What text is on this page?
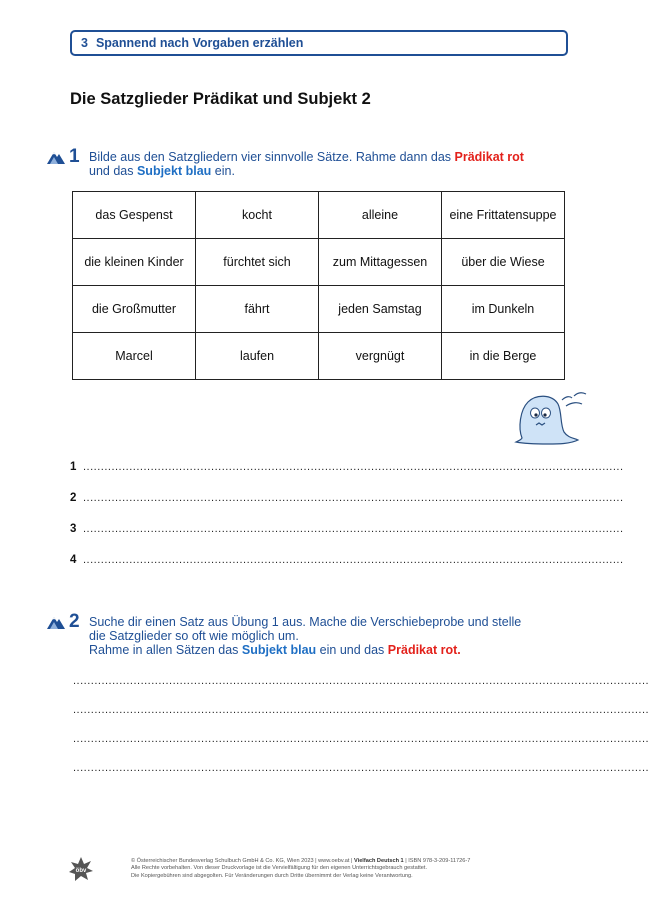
3 Spannend nach Vorgaben erzählen
Die Satzglieder Prädikat und Subjekt 2
1 Bilde aus den Satzgliedern vier sinnvolle Sätze. Rahme dann das Prädikat rot
und das Subjekt blau ein.
das Gespenst	kocht	alleine	eine Frittatensuppe
die kleinen Kinder	fürchtet sich	zum Mittagessen	über die Wiese
die Großmutter	fährt	jeden Samstag	im Dunkeln
Marcel	laufen	vergnügt	in die Berge
1 ........................................................................................................................................................
2 ........................................................................................................................................................
3 ........................................................................................................................................................
4 ........................................................................................................................................................
2 Suche dir einen Satz aus Übung 1 aus. Mache die Verschiebeprobe und stelle
die Satzglieder so oft wie möglich um.
Rahme in allen Sätzen das Subjekt blau ein und das Prädikat rot.
..................................................................................................................................................................
..................................................................................................................................................................
..................................................................................................................................................................
..................................................................................................................................................................
öbv
© Österreichischer Bundesverlag Schulbuch GmbH & Co. KG, Wien 2023 | www.oebv.at | Vielfach Deutsch 1 | ISBN 978-3-209-11726-7
Alle Rechte vorbehalten. Von dieser Druckvorlage ist die Vervielfältigung für den eigenen Unterrichtsgebrauch gestattet.
Die Kopiergebühren sind abgegolten. Für Veränderungen durch Dritte übernimmt der Verlag keine Verantwortung.
